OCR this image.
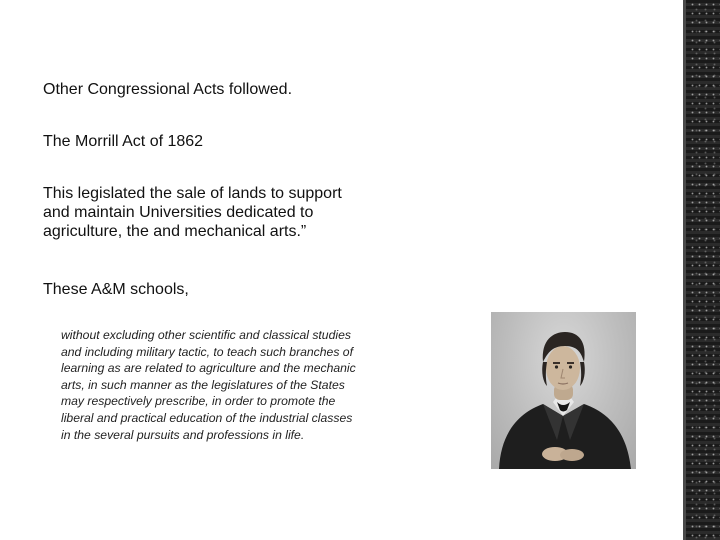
Other Congressional Acts followed.

The Morrill Act of 1862

This legislated the sale of lands to support

and maintain Universities dedicated to

agriculture, the and mechanical arts.”

These A&M schools,

without excluding other scientific and classical studies
and including military tactic, to teach such branches of
learning as are related to agriculture and the mechanic
arts, in such manner as the legislatures of the States
may respectively prescribe, in order to promote the
liberal and practical education of the industrial classes
in the several pursuits and professions in life.
